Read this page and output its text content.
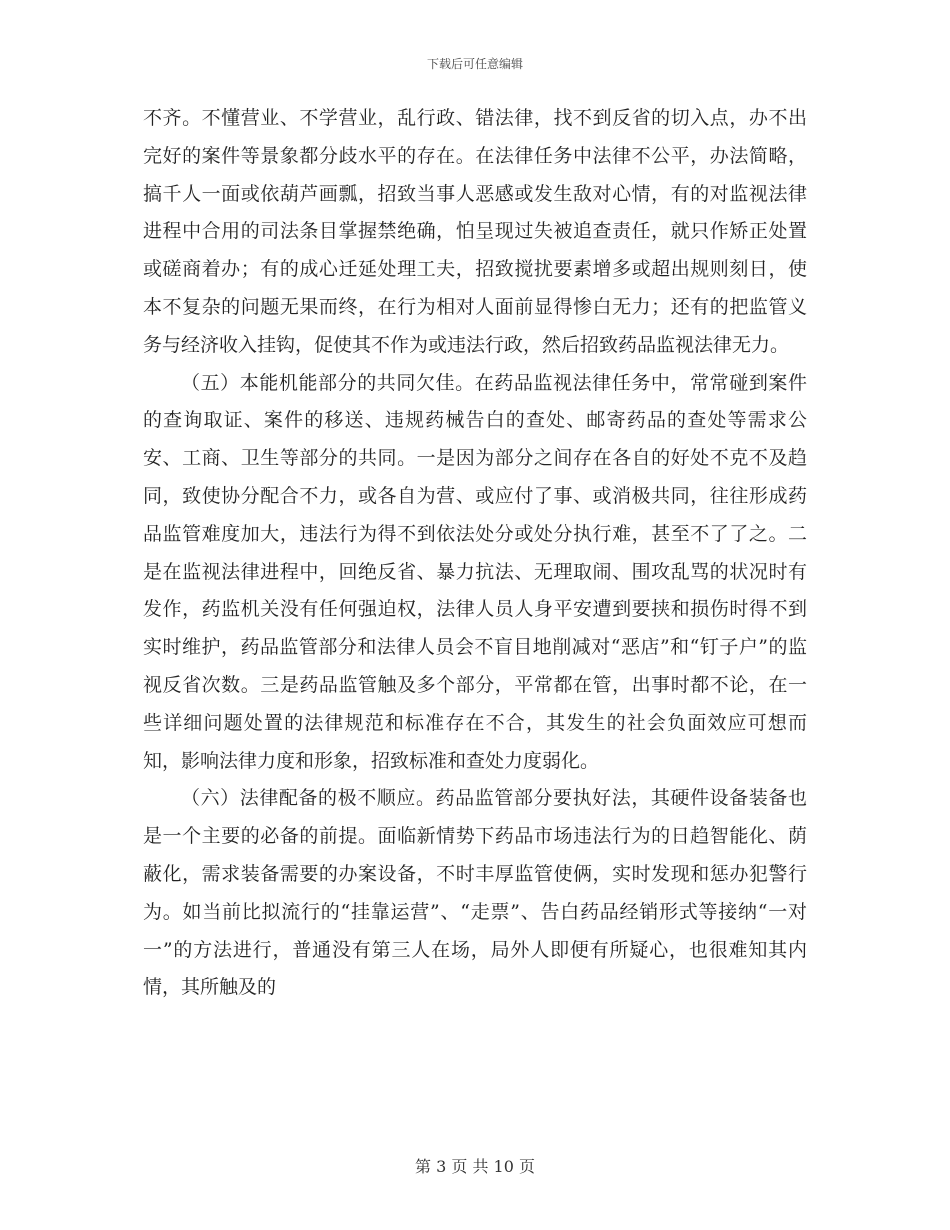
下载后可任意编辑

不齐。不懂营业、不学营业，乱行政、错法律，找不到反省的切入点，办不出完好的案件等景象都分歧水平的存在。在法律任务中法律不公平，办法简略，搞千人一面或依葫芦画瓢，招致当事人恶感或发生敌对心情，有的对监视法律进程中合用的司法条目掌握禁绝确，怕呈现过失被追查责任，就只作矫正处置或磋商着办；有的成心迁延处理工夫，招致搅扰要素增多或超出规则刻日，使本不复杂的问题无果而终，在行为相对人面前显得惨白无力；还有的把监管义务与经济收入挂钩，促使其不作为或违法行政，然后招致药品监视法律无力。

（五）本能机能部分的共同欠佳。在药品监视法律任务中，常常碰到案件的查询取证、案件的移送、违规药械告白的查处、邮寄药品的查处等需求公安、工商、卫生等部分的共同。一是因为部分之间存在各自的好处不克不及趋同，致使协分配合不力，或各自为营、或应付了事、或消极共同，往往形成药品监管难度加大，违法行为得不到依法处分或处分执行难，甚至不了了之。二是在监视法律进程中，回绝反省、暴力抗法、无理取闹、围攻乱骂的状况时有发作，药监机关没有任何强迫权，法律人员人身平安遭到要挟和损伤时得不到实时维护，药品监管部分和法律人员会不盲目地削减对“恶店”和“钉子户”的监视反省次数。三是药品监管触及多个部分，平常都在管，出事时都不论，在一些详细问题处置的法律规范和标准存在不合，其发生的社会负面效应可想而知，影响法律力度和形象，招致标准和查处力度弱化。

（六）法律配备的极不顺应。药品监管部分要执好法，其硬件设备装备也是一个主要的必备的前提。面临新情势下药品市场违法行为的日趋智能化、荫蔽化，需求装备需要的办案设备，不时丰厚监管使俩，实时发现和惩办犯警行为。如当前比拟流行的“挂靠运营”、“走票”、告白药品经销形式等接纳“一对一”的方法进行，普通没有第三人在场，局外人即便有所疑心，也很难知其内情，其所触及的

第 3 页 共 10 页
